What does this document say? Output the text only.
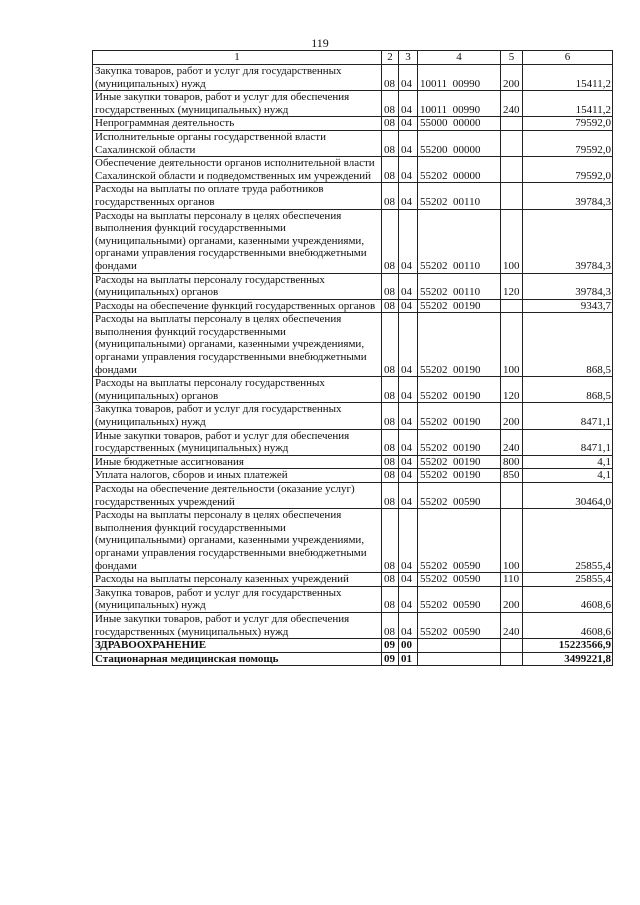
119
1	2	3	4	5	6
Закупка товаров, работ и услуг для государственных (муниципальных) нужд	08	04	10011  00990	200	15411,2
Иные закупки товаров, работ и услуг для обеспечения государственных (муниципальных) нужд	08	04	10011  00990	240	15411,2
Непрограммная деятельность	08	04	55000  00000		79592,0
Исполнительные органы государственной власти Сахалинской области	08	04	55200  00000		79592,0
Обеспечение деятельности органов исполнительной власти Сахалинской области и подведомственных им учреждений	08	04	55202  00000		79592,0
Расходы на выплаты по оплате труда работников государственных органов	08	04	55202  00110		39784,3
Расходы на выплаты персоналу в целях обеспечения выполнения функций государственными (муниципальными) органами, казенными учреждениями, органами управления государственными внебюджетными фондами	08	04	55202  00110	100	39784,3
Расходы на выплаты персоналу государственных (муниципальных) органов	08	04	55202  00110	120	39784,3
Расходы на обеспечение функций государственных органов	08	04	55202  00190		9343,7
Расходы на выплаты персоналу в целях обеспечения выполнения функций государственными (муниципальными) органами, казенными учреждениями, органами управления государственными внебюджетными фондами	08	04	55202  00190	100	868,5
Расходы на выплаты персоналу государственных (муниципальных) органов	08	04	55202  00190	120	868,5
Закупка товаров, работ и услуг для государственных (муниципальных) нужд	08	04	55202  00190	200	8471,1
Иные закупки товаров, работ и услуг для обеспечения государственных (муниципальных) нужд	08	04	55202  00190	240	8471,1
Иные бюджетные ассигнования	08	04	55202  00190	800	4,1
Уплата налогов, сборов и иных платежей	08	04	55202  00190	850	4,1
Расходы на обеспечение деятельности (оказание услуг) государственных учреждений	08	04	55202  00590		30464,0
Расходы на выплаты персоналу в целях обеспечения выполнения функций государственными (муниципальными) органами, казенными учреждениями, органами управления государственными внебюджетными фондами	08	04	55202  00590	100	25855,4
Расходы на выплаты персоналу казенных учреждений	08	04	55202  00590	110	25855,4
Закупка товаров, работ и услуг для государственных (муниципальных) нужд	08	04	55202  00590	200	4608,6
Иные закупки товаров, работ и услуг для обеспечения государственных (муниципальных) нужд	08	04	55202  00590	240	4608,6
ЗДРАВООХРАНЕНИЕ	09	00			15223566,9
Стационарная медицинская помощь	09	01			3499221,8
